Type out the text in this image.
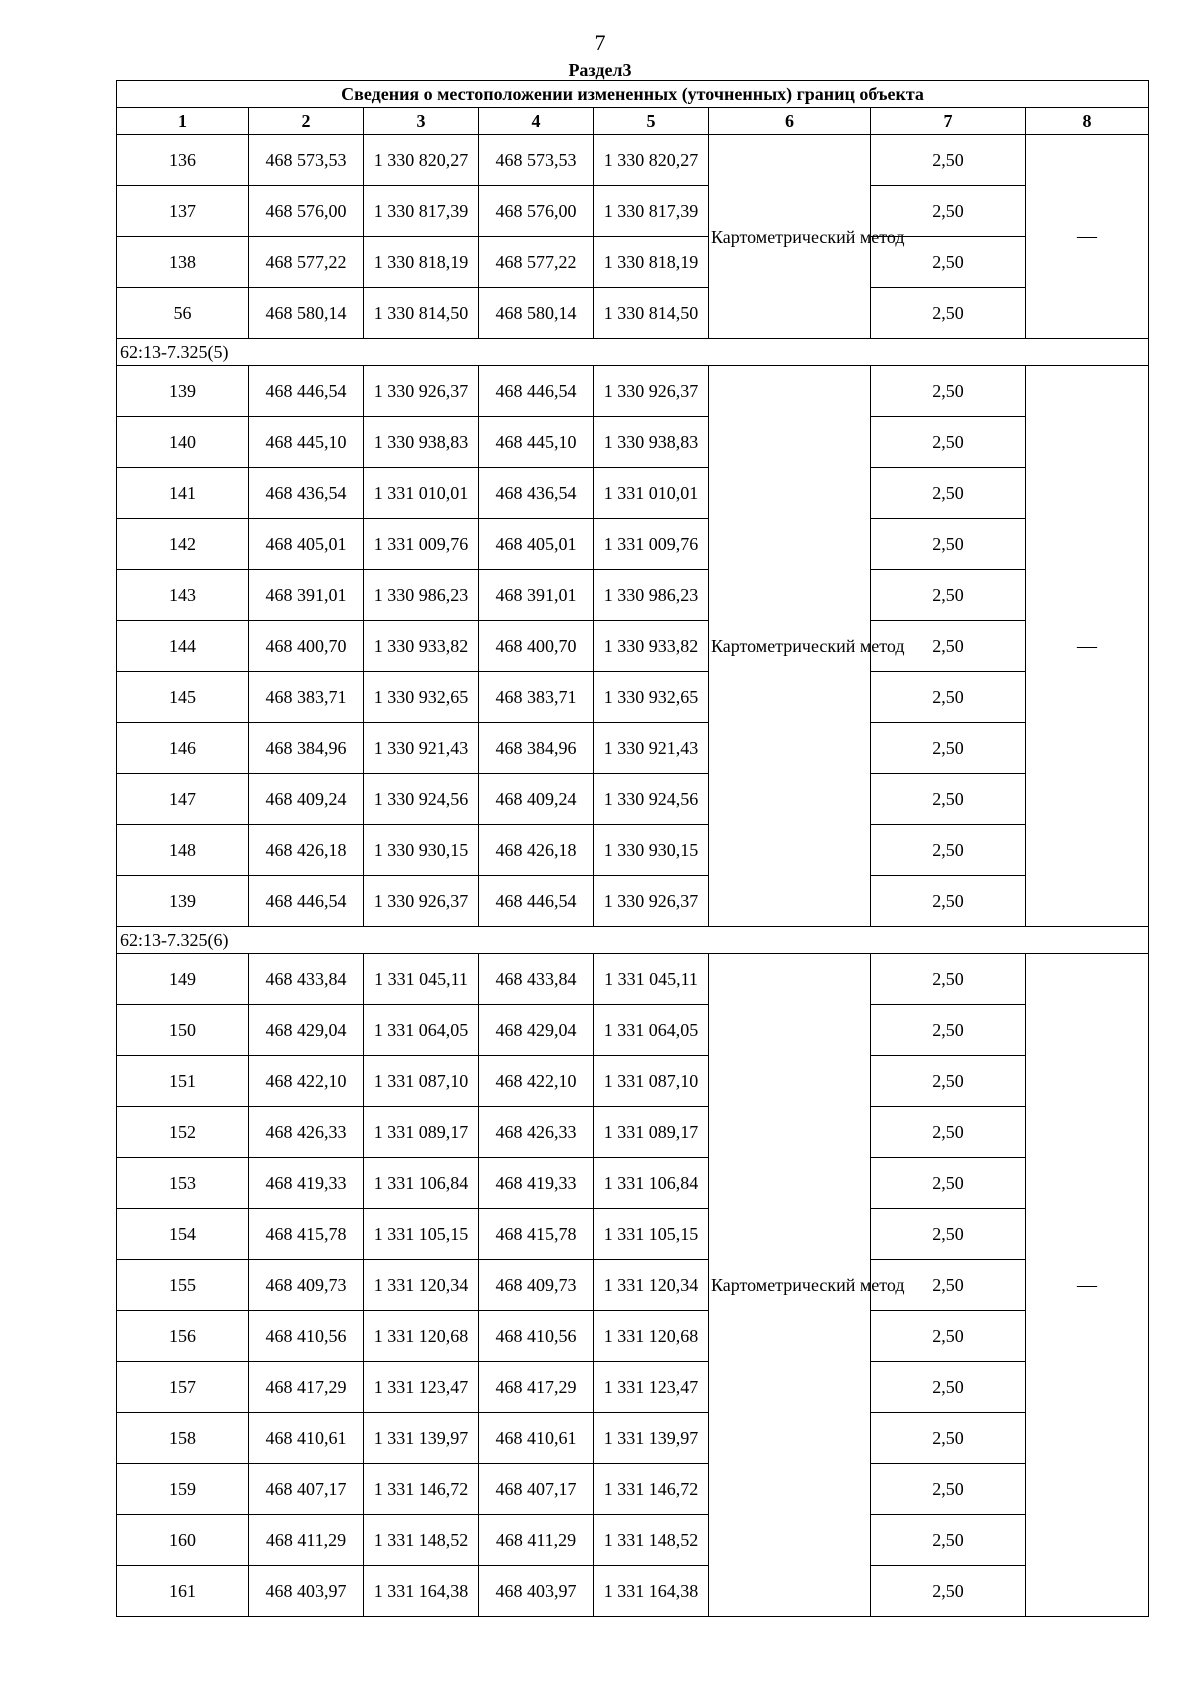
7
Раздел3
Сведения о местоположении измененных (уточненных) границ объекта							
1	2	3	4	5	6	7	8
136	468 573,53	1 330 820,27	468 573,53	1 330 820,27	Картометрический метод	2,50	—
137	468 576,00	1 330 817,39	468 576,00	1 330 817,39		2,50	
138	468 577,22	1 330 818,19	468 577,22	1 330 818,19		2,50	
56	468 580,14	1 330 814,50	468 580,14	1 330 814,50		2,50	
62:13-7.325(5)							
139	468 446,54	1 330 926,37	468 446,54	1 330 926,37	Картометрический метод	2,50	—
140	468 445,10	1 330 938,83	468 445,10	1 330 938,83		2,50	
141	468 436,54	1 331 010,01	468 436,54	1 331 010,01		2,50	
142	468 405,01	1 331 009,76	468 405,01	1 331 009,76		2,50	
143	468 391,01	1 330 986,23	468 391,01	1 330 986,23		2,50	
144	468 400,70	1 330 933,82	468 400,70	1 330 933,82		2,50	
145	468 383,71	1 330 932,65	468 383,71	1 330 932,65		2,50	
146	468 384,96	1 330 921,43	468 384,96	1 330 921,43		2,50	
147	468 409,24	1 330 924,56	468 409,24	1 330 924,56		2,50	
148	468 426,18	1 330 930,15	468 426,18	1 330 930,15		2,50	
139	468 446,54	1 330 926,37	468 446,54	1 330 926,37		2,50	
62:13-7.325(6)							
149	468 433,84	1 331 045,11	468 433,84	1 331 045,11	Картометрический метод	2,50	—
150	468 429,04	1 331 064,05	468 429,04	1 331 064,05		2,50	
151	468 422,10	1 331 087,10	468 422,10	1 331 087,10		2,50	
152	468 426,33	1 331 089,17	468 426,33	1 331 089,17		2,50	
153	468 419,33	1 331 106,84	468 419,33	1 331 106,84		2,50	
154	468 415,78	1 331 105,15	468 415,78	1 331 105,15		2,50	
155	468 409,73	1 331 120,34	468 409,73	1 331 120,34		2,50	
156	468 410,56	1 331 120,68	468 410,56	1 331 120,68		2,50	
157	468 417,29	1 331 123,47	468 417,29	1 331 123,47		2,50	
158	468 410,61	1 331 139,97	468 410,61	1 331 139,97		2,50	
159	468 407,17	1 331 146,72	468 407,17	1 331 146,72		2,50	
160	468 411,29	1 331 148,52	468 411,29	1 331 148,52		2,50	
161	468 403,97	1 331 164,38	468 403,97	1 331 164,38		2,50	
